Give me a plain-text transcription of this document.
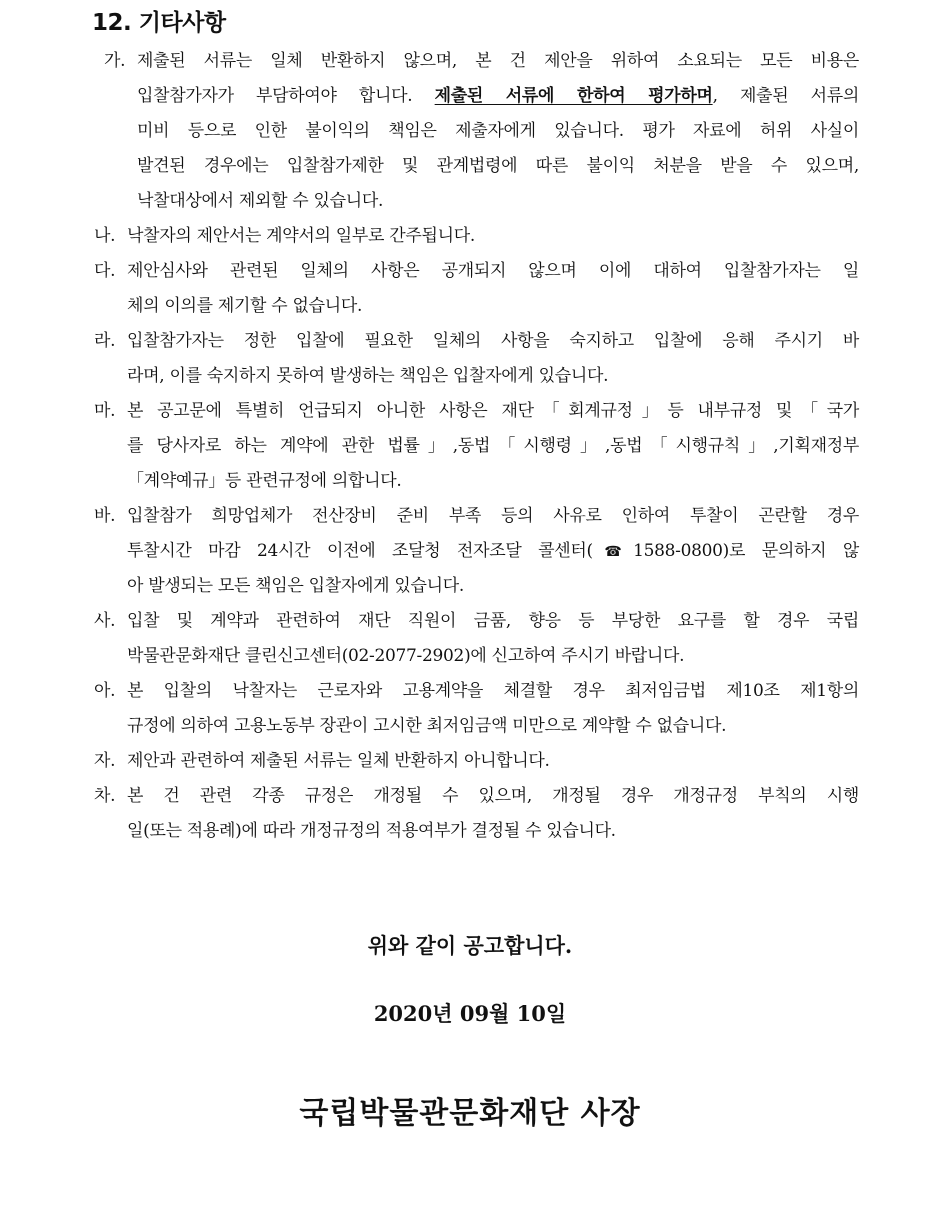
12. 기타사항
가. 제출된 서류는 일체 반환하지 않으며, 본 건 제안을 위하여 소요되는 모든 비용은
입찰참가자가 부담하여야 합니다. 제출된 서류에 한하여 평가하며, 제출된 서류의
미비 등으로 인한 불이익의 책임은 제출자에게 있습니다. 평가 자료에 허위 사실이
발견된 경우에는 입찰참가제한 및 관계법령에 따른 불이익 처분을 받을 수 있으며,
낙찰대상에서 제외할 수 있습니다.
나. 낙찰자의 제안서는 계약서의 일부로 간주됩니다.
다. 제안심사와 관련된 일체의 사항은 공개되지 않으며 이에 대하여 입찰참가자는 일
체의 이의를 제기할 수 없습니다.
라. 입찰참가자는 정한 입찰에 필요한 일체의 사항을 숙지하고 입찰에 응해 주시기 바
라며, 이를 숙지하지 못하여 발생하는 책임은 입찰자에게 있습니다.
마. 본 공고문에 특별히 언급되지 아니한 사항은 재단「회계규정」등 내부규정 및「국가
를 당사자로 하는 계약에 관한 법률」,동법「시행령」,동법「시행규칙」,기획재정부
「계약예규」등 관련규정에 의합니다.
바. 입찰참가 희망업체가 전산장비 준비 부족 등의 사유로 인하여 투찰이 곤란할 경우
투찰시간 마감 24시간 이전에 조달청 전자조달 콜센터(☎1588-0800)로 문의하지 않
아 발생되는 모든 책임은 입찰자에게 있습니다.
사. 입찰 및 계약과 관련하여 재단 직원이 금품, 향응 등 부당한 요구를 할 경우 국립
박물관문화재단 클린신고센터(02-2077-2902)에 신고하여 주시기 바랍니다.
아. 본 입찰의 낙찰자는 근로자와 고용계약을 체결할 경우 최저임금법 제10조 제1항의
규정에 의하여 고용노동부 장관이 고시한 최저임금액 미만으로 계약할 수 없습니다.
자. 제안과 관련하여 제출된 서류는 일체 반환하지 아니합니다.
차. 본 건 관련 각종 규정은 개정될 수 있으며, 개정될 경우 개정규정 부칙의 시행
일(또는 적용례)에 따라 개정규정의 적용여부가 결정될 수 있습니다.
위와 같이 공고합니다.
2020년 09월 10일
국립박물관문화재단 사장
